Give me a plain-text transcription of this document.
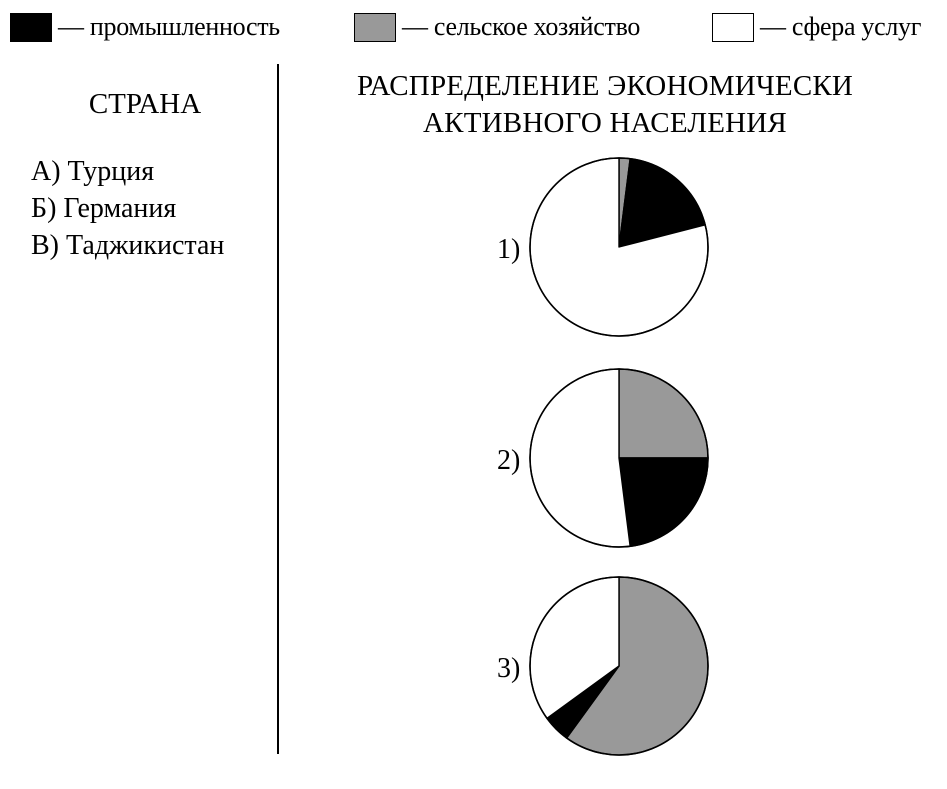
— промышленность	— сельское хозяйство	— сфера услуг
СТРАНА
А) Турция
Б) Германия
В) Таджикистан
РАСПРЕДЕЛЕНИЕ ЭКОНОМИЧЕСКИ
АКТИВНОГО НАСЕЛЕНИЯ
1)
2)
3)
